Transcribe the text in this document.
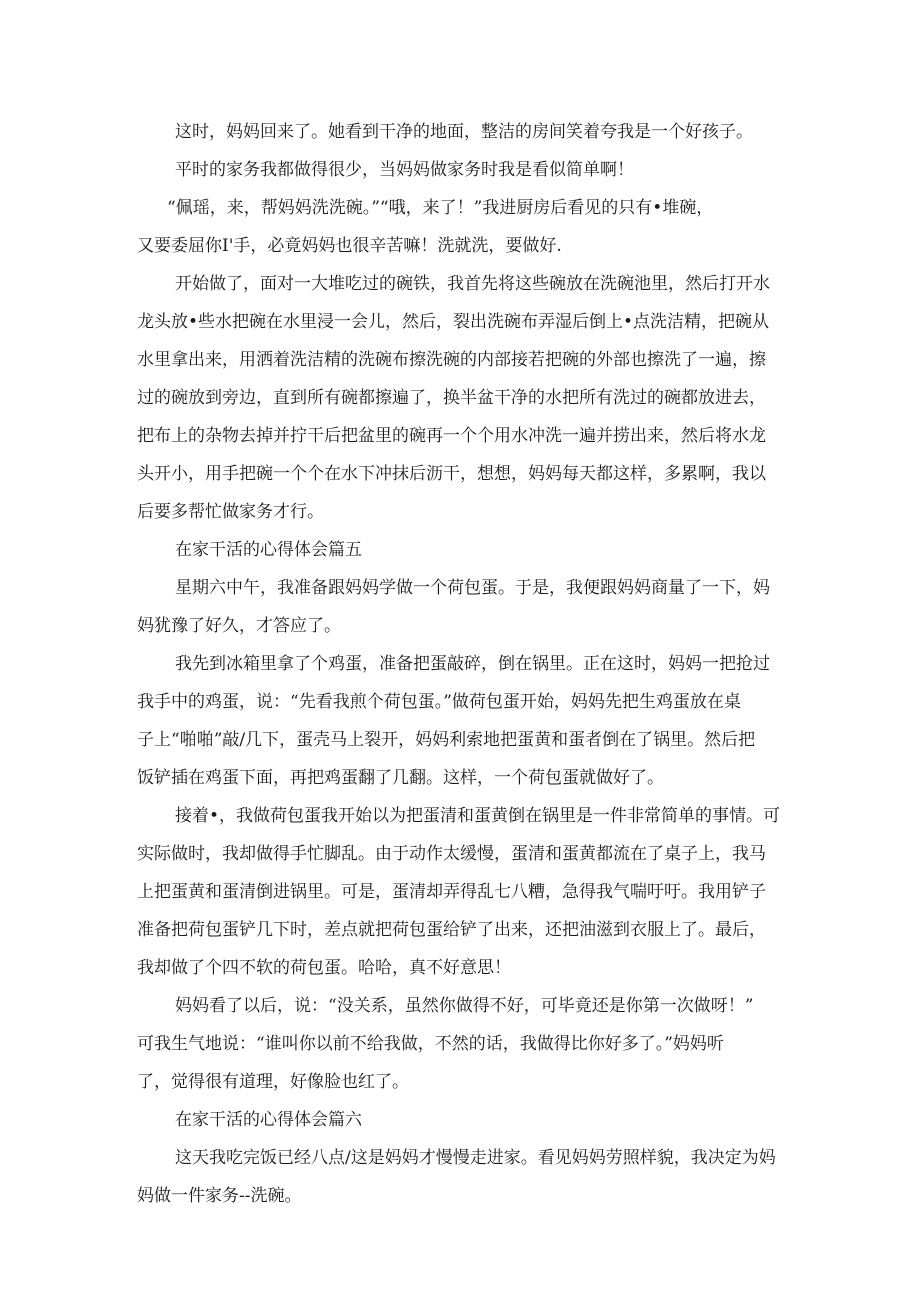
这时，妈妈回来了。她看到干净的地面，整洁的房间笑着夸我是一个好孩子。
平时的家务我都做得很少，当妈妈做家务时我是看似简单啊！
“佩瑶，来，帮妈妈洗洗碗。”“哦，来了！”我进厨房后看见的只有•堆碗，
又要委屈你I'手，必竟妈妈也很辛苦嘛！洗就洗，要做好.
开始做了，面对一大堆吃过的碗铁，我首先将这些碗放在洗碗池里，然后打开水
龙头放•些水把碗在水里浸一会儿，然后，裂出洗碗布弄湿后倒上•点洗洁精，把碗从
水里拿出来，用洒着洗洁精的洗碗布擦洗碗的内部接若把碗的外部也擦洗了一遍，擦
过的碗放到旁边，直到所有碗都擦遍了，换半盆干净的水把所有洗过的碗都放进去，
把布上的杂物去掉并拧干后把盆里的碗再一个个用水冲洗一遍并捞出来，然后将水龙
头开小，用手把碗一个个在水下冲抹后沥干，想想，妈妈每天都这样，多累啊，我以
后要多帮忙做家务才行。
在家干活的心得体会篇五
星期六中午，我准备跟妈妈学做一个荷包蛋。于是，我便跟妈妈商量了一下，妈
妈犹豫了好久，才答应了。
我先到冰箱里拿了个鸡蛋，准备把蛋敲碎，倒在锅里。正在这时，妈妈一把抢过
我手中的鸡蛋，说：“先看我煎个荷包蛋。”做荷包蛋开始，妈妈先把生鸡蛋放在桌
子上“啪啪”敲/几下，蛋壳马上裂开，妈妈利索地把蛋黄和蛋者倒在了锅里。然后把
饭铲插在鸡蛋下面，再把鸡蛋翻了几翻。这样，一个荷包蛋就做好了。
接着•，我做荷包蛋我开始以为把蛋清和蛋黄倒在锅里是一件非常简单的事情。可
实际做时，我却做得手忙脚乱。由于动作太缓慢，蛋清和蛋黄都流在了桌子上，我马
上把蛋黄和蛋清倒进锅里。可是，蛋清却弄得乱七八糟，急得我气喘吁吁。我用铲子
准备把荷包蛋铲几下时，差点就把荷包蛋给铲了出来，还把油滋到衣服上了。最后，
我却做了个四不软的荷包蛋。哈哈，真不好意思！
妈妈看了以后，说：“没关系，虽然你做得不好，可毕竟还是你第一次做呀！”
可我生气地说：“谁叫你以前不给我做，不然的话，我做得比你好多了。”妈妈听
了，觉得很有道理，好像脸也红了。
在家干活的心得体会篇六
这天我吃完饭已经八点/这是妈妈才慢慢走进家。看见妈妈劳照样貌，我决定为妈
妈做一件家务--洗碗。
